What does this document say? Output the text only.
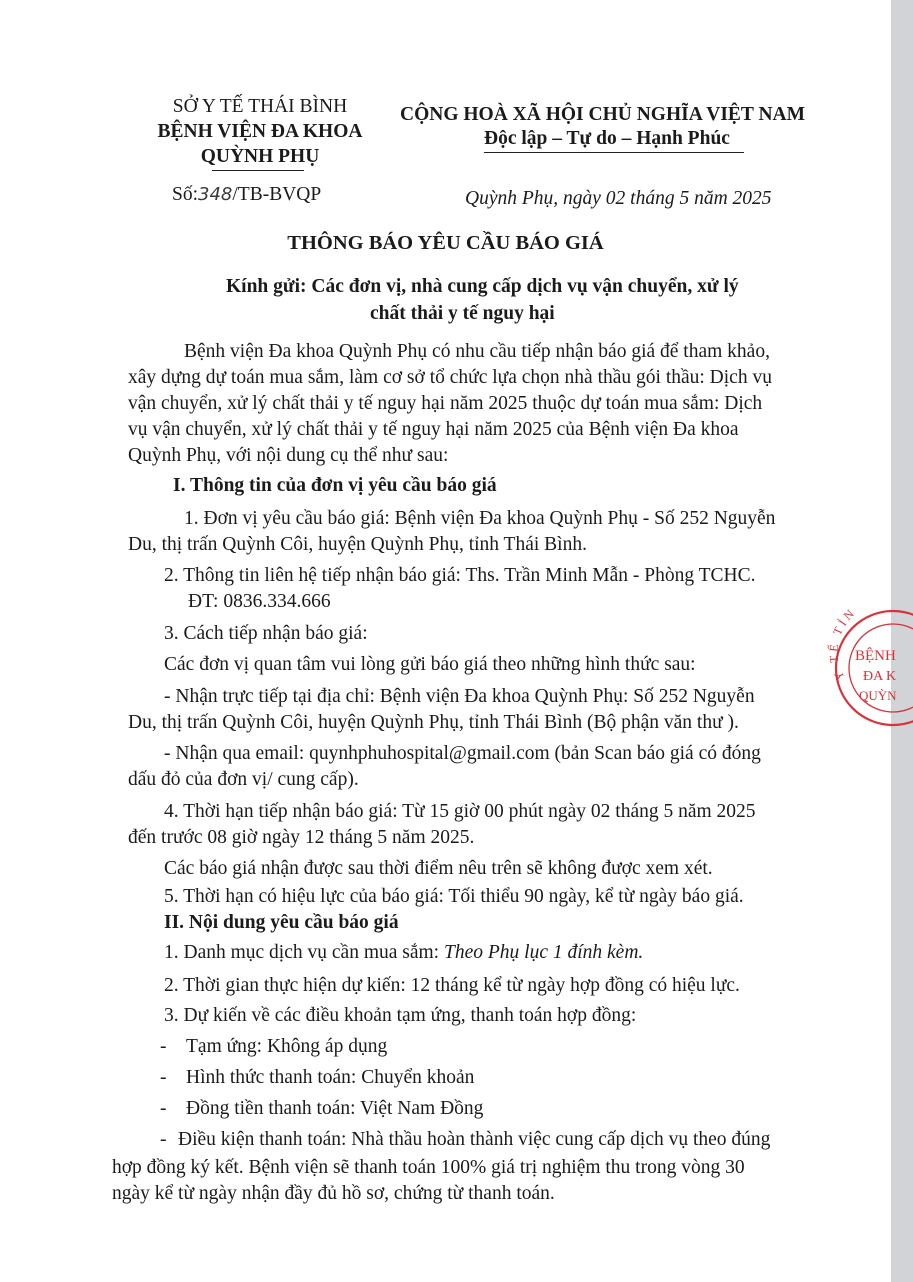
SỞ Y TẾ THÁI BÌNH
BỆNH VIỆN ĐA KHOA
QUỲNH PHỤ
Số:348/TB-BVQP
CỘNG HOÀ XÃ HỘI CHỦ NGHĨA VIỆT NAM
Độc lập – Tự do – Hạnh Phúc
Quỳnh Phụ, ngày 02 tháng 5 năm 2025
THÔNG BÁO YÊU CẦU BÁO GIÁ
Kính gửi: Các đơn vị, nhà cung cấp dịch vụ vận chuyển, xử lý
chất thải y tế nguy hại
Bệnh viện Đa khoa Quỳnh Phụ có nhu cầu tiếp nhận báo giá để tham khảo,
xây dựng dự toán mua sắm, làm cơ sở tổ chức lựa chọn nhà thầu gói thầu: Dịch vụ
vận chuyển, xử lý chất thải y tế nguy hại năm 2025 thuộc dự toán mua sắm: Dịch
vụ vận chuyển, xử lý chất thải y tế nguy hại năm 2025 của Bệnh viện Đa khoa
Quỳnh Phụ, với nội dung cụ thể như sau:
I. Thông tin của đơn vị yêu cầu báo giá
1. Đơn vị yêu cầu báo giá: Bệnh viện Đa khoa Quỳnh Phụ - Số 252 Nguyễn
Du, thị trấn Quỳnh Côi, huyện Quỳnh Phụ, tỉnh Thái Bình.
2. Thông tin liên hệ tiếp nhận báo giá: Ths. Trần Minh Mẫn - Phòng TCHC.
ĐT: 0836.334.666
3. Cách tiếp nhận báo giá:
Các đơn vị quan tâm vui lòng gửi báo giá theo những hình thức sau:
- Nhận trực tiếp tại địa chỉ: Bệnh viện Đa khoa Quỳnh Phụ: Số 252 Nguyễn
Du, thị trấn Quỳnh Côi, huyện Quỳnh Phụ, tỉnh Thái Bình (Bộ phận văn thư ).
- Nhận qua email: quynhphuhospital@gmail.com (bản Scan báo giá có đóng
dấu đỏ của đơn vị/ cung cấp).
4. Thời hạn tiếp nhận báo giá: Từ 15 giờ 00 phút ngày 02 tháng 5 năm 2025
đến trước 08 giờ ngày 12 tháng 5 năm 2025.
Các báo giá nhận được sau thời điểm nêu trên sẽ không được xem xét.
5. Thời hạn có hiệu lực của báo giá: Tối thiểu 90 ngày, kể từ ngày báo giá.
II. Nội dung yêu cầu báo giá
1. Danh mục dịch vụ cần mua sắm: Theo Phụ lục 1 đính kèm.
2. Thời gian thực hiện dự kiến: 12 tháng kể từ ngày hợp đồng có hiệu lực.
3. Dự kiến về các điều khoản tạm ứng, thanh toán hợp đồng:
- Tạm ứng: Không áp dụng
- Hình thức thanh toán: Chuyển khoản
- Đồng tiền thanh toán: Việt Nam Đồng
- Điều kiện thanh toán: Nhà thầu hoàn thành việc cung cấp dịch vụ theo đúng
hợp đồng ký kết. Bệnh viện sẽ thanh toán 100% giá trị nghiệm thu trong vòng 30
ngày kể từ ngày nhận đầy đủ hồ sơ, chứng từ thanh toán.
Y TẾ TỈN
BỆNH
ĐA K
QUỲN
